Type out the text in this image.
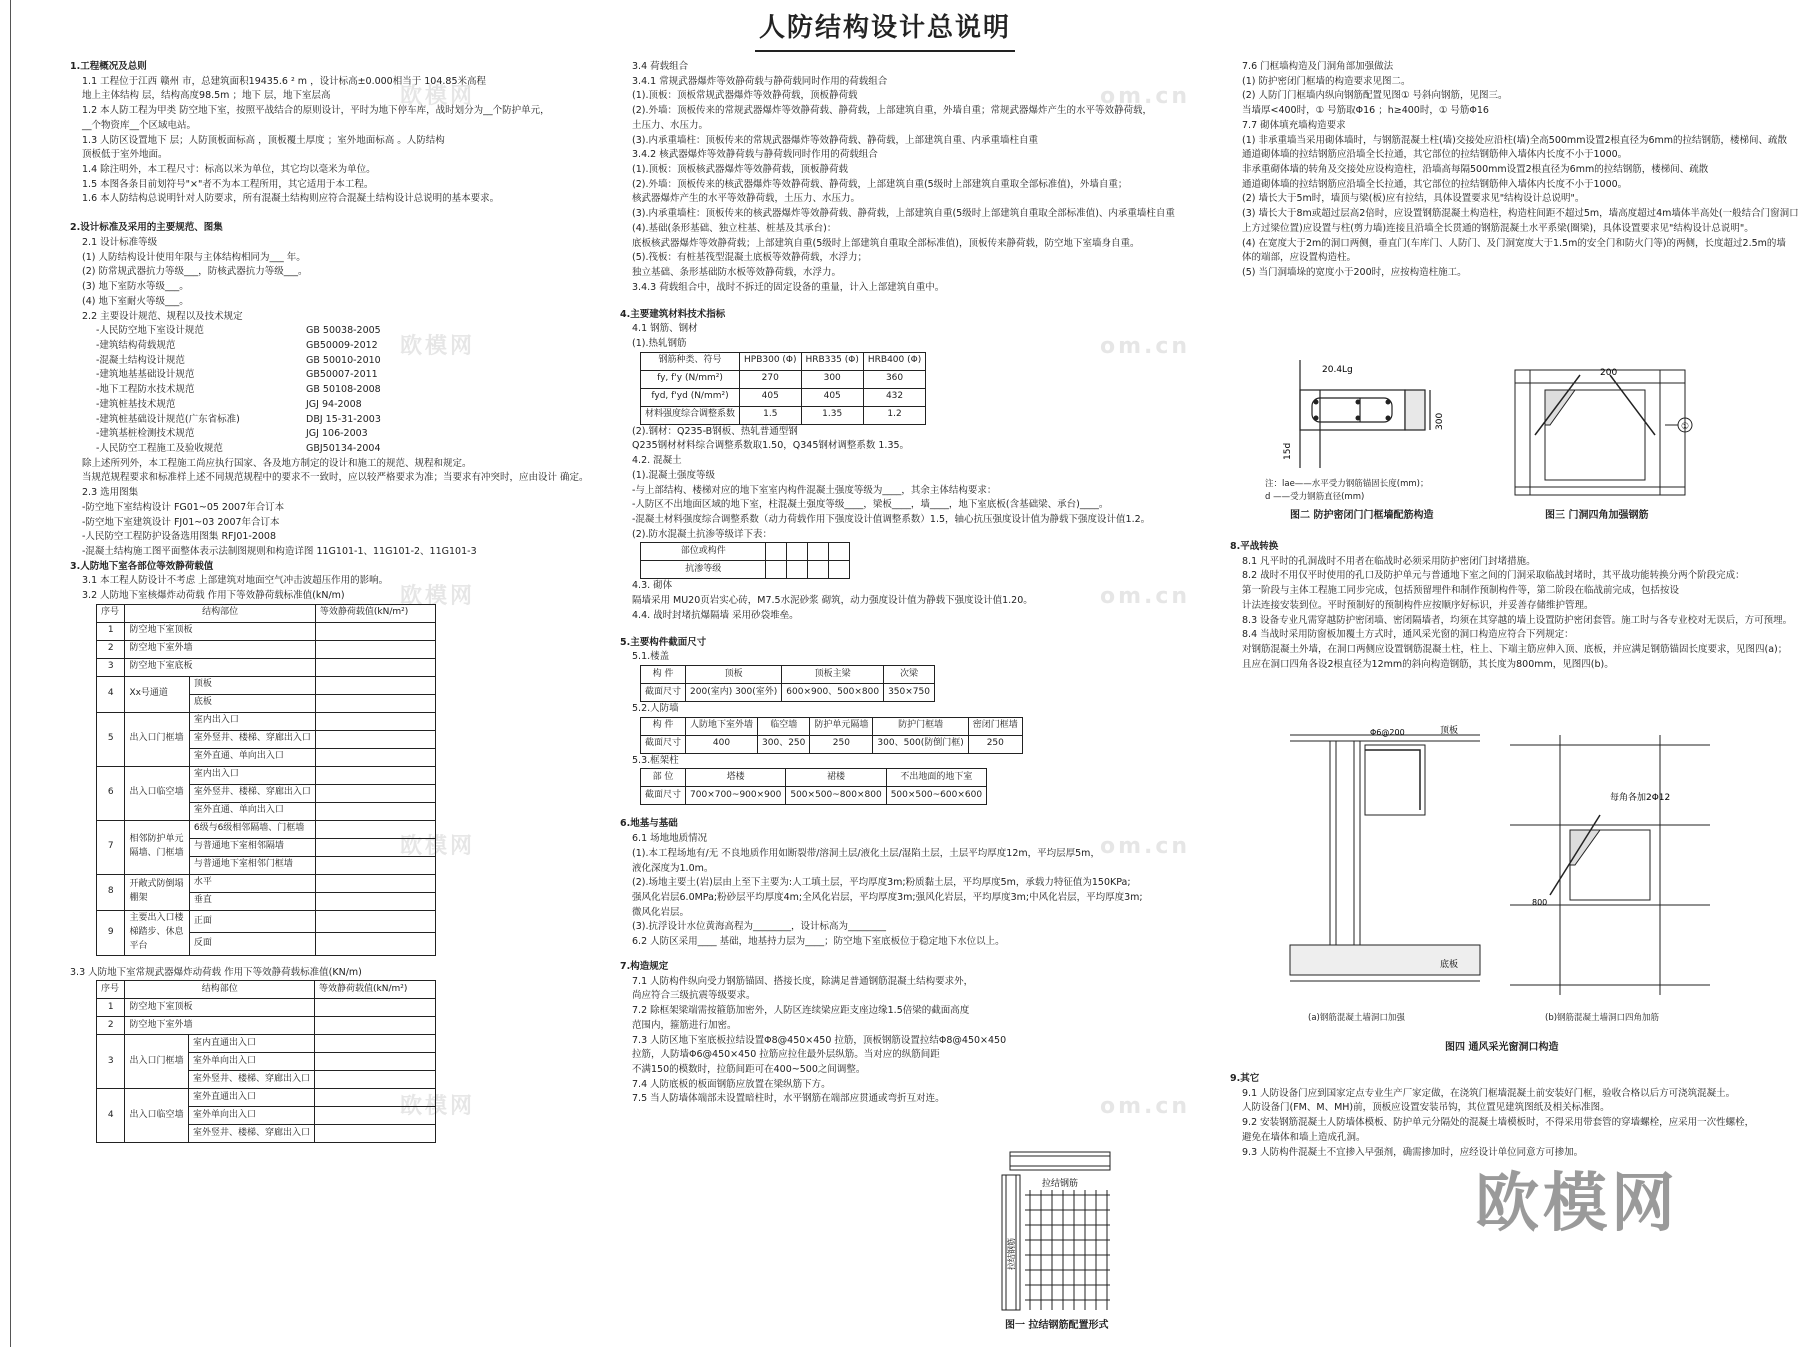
人防结构设计总说明
欧模网	om.cn
欧模网	om.cn
欧模网	om.cn
欧模网	om.cn
欧模网	om.cn

1.工程概况及总则

1.1 工程位于江西 赣州 市，总建筑面积19435.6 ² m ，设计标高±0.000相当于 104.85米高程

地上主体结构 层，结构高度98.5m ；地下 层，地下室层高

1.2 本人防工程为甲类 防空地下室，按照平战结合的原则设计，平时为地下停车库，战时划分为__个防护单元，

__个物资库__个区域电站。

1.3 人防区设置地下 层；人防顶板面标高 ，顶板覆土厚度 ；室外地面标高 。人防结构

顶板低于室外地面。

1.4 除注明外，本工程尺寸：标高以米为单位，其它均以毫米为单位。

1.5 本图各条目前划符号"×"者不为本工程所用，其它适用于本工程。

1.6 本人防结构总说明针对人防要求，所有混凝土结构则应符合混凝土结构设计总说明的基本要求。

2.设计标准及采用的主要规范、图集

2.1 设计标准等级

(1) 人防结构设计使用年限与主体结构相同为___ 年。

(2) 防常规武器抗力等级___，防核武器抗力等级___。

(3) 地下室防水等级___。

(4) 地下室耐火等级___。

2.2 主要设计规范、规程以及技术规定

-人民防空地下室设计规范	GB 50038-2005
-建筑结构荷载规范	GB50009-2012
-混凝土结构设计规范	GB 50010-2010
-建筑地基基础设计规范	GB50007-2011
-地下工程防水技术规范	GB 50108-2008
-建筑桩基技术规范	JGJ 94-2008
-建筑桩基础设计规范(广东省标准)	DBJ 15-31-2003
-建筑基桩检测技术规范	JGJ 106-2003
-人民防空工程施工及验收规范	GBJ50134-2004

除上述所列外，本工程施工尚应执行国家、各及地方制定的设计和施工的规范、规程和规定。

当规范规程要求和标准样上述不同规范规程中的要求不一致时，应以较严格要求为准；当要求有冲突时，应由设计 确定。

2.3 选用图集

-防空地下室结构设计 FG01~05 2007年合订本

-防空地下室建筑设计 FJ01~03 2007年合订本

-人民防空工程防护设备选用图集 RFJ01-2008

-混凝土结构施工图平面整体表示法制图规则和构造详图 11G101-1、11G101-2、11G101-3

3.人防地下室各部位等效静荷载值

3.1 本工程人防设计不考虑 上部建筑对地面空气冲击波超压作用的影响。

3.2 人防地下室核爆炸动荷载 作用下等效静荷载标准值(kN/m)

序号	结构部位		等效静荷载值(kN/m²)
1	防空地下室顶板		
2	防空地下室外墙		
3	防空地下室底板		
4	Xx号通道	顶板	
		底板	
5	出入口门框墙	室内出入口	
		室外竖井、楼梯、穿廊出入口	
		室外直通、单向出入口	
6	出入口临空墙	室内出入口	
		室外竖井、楼梯、穿廊出入口	
		室外直通、单向出入口	
7	相邻防护单元隔墙、门框墙	6级与6级相邻隔墙、门框墙	
		与普通地下室相邻隔墙	
		与普通地下室相邻门框墙	
8	开敞式防倒塌棚架	水平	
		垂直	
9	主要出入口楼梯踏步、休息平台	正面	
		反面	

3.3 人防地下室常规武器爆炸动荷载 作用下等效静荷载标准值(KN/m)

序号	结构部位		等效静荷载值(kN/m²)
1	防空地下室顶板		
2	防空地下室外墙		
3	出入口门框墙	室内直通出入口	
		室外单向出入口	
		室外竖井、楼梯、穿廊出入口	
4	出入口临空墙	室外直通出入口	
		室外单向出入口	
		室外竖井、楼梯、穿廊出入口	

3.4 荷载组合

3.4.1 常规武器爆炸等效静荷载与静荷载同时作用的荷载组合

(1).顶板：顶板常规武器爆炸等效静荷载，顶板静荷载

(2).外墙：顶板传来的常规武器爆炸等效静荷载、静荷载，上部建筑自重，外墙自重；常规武器爆炸产生的水平等效静荷载，

土压力、水压力。

(3).内承重墙柱：顶板传来的常规武器爆炸等效静荷载、静荷载，上部建筑自重、内承重墙柱自重

3.4.2 核武器爆炸等效静荷载与静荷载同时作用的荷载组合

(1).顶板：顶板核武器爆炸等效静荷载，顶板静荷载

(2).外墙：顶板传来的核武器爆炸等效静荷载、静荷载，上部建筑自重(5级时上部建筑自重取全部标准值)，外墙自重；

核武器爆炸产生的水平等效静荷载，土压力、水压力。

(3).内承重墙柱：顶板传来的核武器爆炸等效静荷载、静荷载，上部建筑自重(5级时上部建筑自重取全部标准值)、内承重墙柱自重

(4).基础(条形基础、独立柱基、桩基及其承台)：

底板核武器爆炸等效静荷载；上部建筑自重(5级时上部建筑自重取全部标准值)，顶板传来静荷载，防空地下室墙身自重。

(5).筏板：有桩基筏型混凝土底板等效静荷载，水浮力；

独立基础、条形基础防水板等效静荷载，水浮力。

3.4.3 荷载组合中，战时不拆迁的固定设备的重量，计入上部建筑自重中。

4.主要建筑材料技术指标

4.1 钢筋、钢材

(1).热轧钢筋

钢筋种类、符号	HPB300 (Φ)	HRB335 (Φ)	HRB400 (Φ)
fy, f'y (N/mm²)	270	300	360
fyd, f'yd (N/mm²)	405	405	432
材料强度综合调整系数	1.5	1.35	1.2

(2).钢材：Q235-B钢板、热轧普通型钢

Q235钢材材料综合调整系数取1.50，Q345钢材调整系数 1.35。

4.2. 混凝土

(1).混凝土强度等级

-与上部结构、楼梯对应的地下室室内构件混凝土强度等级为____，其余主体结构要求：

-人防区不出地面区域的地下室，柱混凝土强度等级____，梁板____，墙____，地下室底板(含基础梁、承台)____。

-混凝土材料强度综合调整系数（动力荷载作用下强度设计值调整系数）1.5，轴心抗压强度设计值为静载下强度设计值1.2。

(2).防水混凝土抗渗等级详下表：

部位或构件				
抗渗等级				

4.3. 砌体

隔墙采用 MU20页岩实心砖，M7.5水泥砂浆 砌筑，动力强度设计值为静载下强度设计值1.20。

4.4. 战时封堵抗爆隔墙 采用砂袋堆垒。

5.主要构件截面尺寸

5.1.楼盖

构 件	顶板	顶板主梁	次梁
截面尺寸	200(室内) 300(室外)	600×900、500×800	350×750

5.2.人防墙

构 件	人防地下室外墙	临空墙	防护单元隔墙	防护门框墙	密闭门框墙
截面尺寸	400	300、250	250	300、500(防倒门框)	250

5.3.框架柱

部 位	塔楼	裙楼	不出地面的地下室
截面尺寸	700×700~900×900	500×500~800×800	500×500~600×600

6.地基与基础

6.1 场地地质情况

(1).本工程场地有/无 不良地质作用如断裂带/溶洞土层/液化土层/湿陷土层，土层平均厚度12m，平均层厚5m，

液化深度为1.0m。

(2).场地主要土(岩)层由上至下主要为:人工填土层，平均厚度3m;粉质黏土层，平均厚度5m，承载力特征值为150KPa;

强风化岩层6.0MPa;粉砂层平均厚度4m;全风化岩层，平均厚度3m;强风化岩层，平均厚度3m;中风化岩层，平均厚度3m;

微风化岩层。

(3).抗浮设计水位黄海高程为________，设计标高为________

6.2 人防区采用____ 基础，地基持力层为____；防空地下室底板位于稳定地下水位以上。

7.构造规定

7.1 人防构件纵向受力钢筋锚固、搭接长度，除满足普通钢筋混凝土结构要求外，

尚应符合三级抗震等级要求。

7.2 除框架梁端需按箍筋加密外，人防区连续梁应距支座边缘1.5倍梁的截面高度

范围内，箍筋进行加密。

7.3 人防区地下室底板拉结设置Φ8@450×450 拉筋，顶板钢筋设置拉结Φ8@450×450

拉筋，人防墙Φ6@450×450 拉筋应拉住最外层纵筋。当对应的纵筋间距

不满150的模数时，拉筋间距可在400~500之间调整。

7.4 人防底板的板面钢筋应放置在梁纵筋下方。

7.5 当人防墙体端部未设置暗柱时，水平钢筋在端部应贯通或弯折互对连。

拉结钢筋
拉结钢筋
图一 拉结钢筋配置形式

7.6 门框墙构造及门洞角部加强做法

(1) 防护密闭门框墙的构造要求见图二。

(2) 人防门门框墙内纵向钢筋配置见图① 号斜向钢筋，见图三。

当墙厚<400时，① 号筋取Φ16 ；h≥400时，① 号筋Φ16

7.7 砌体填充墙构造要求

(1) 非承重墙当采用砌体墙时，与钢筋混凝土柱(墙)交接处应沿柱(墙)全高500mm设置2根直径为6mm的拉结钢筋，楼梯间、疏散

通道砌体墙的拉结钢筋应沿墙全长拉通，其它部位的拉结钢筋伸入墙体内长度不小于1000。

非承重砌体墙的转角及交接处应设构造柱，沿墙高每隔500mm设置2根直径为6mm的拉结钢筋，楼梯间、疏散

通道砌体墙的拉结钢筋应沿墙全长拉通，其它部位的拉结钢筋伸入墙体内长度不小于1000。

(2) 墙长大于5m时，墙顶与梁(板)应有拉结，具体设置要求见"结构设计总说明"。

(3) 墙长大于8m或超过层高2倍时，应设置钢筋混凝土构造柱，构造柱间距不超过5m，墙高度超过4m墙体半高处(一般结合门窗洞口

上方过梁位置)应设置与柱(剪力墙)连接且沿墙全长贯通的钢筋混凝土水平系梁(圈梁)，具体设置要求见"结构设计总说明"。

(4) 在宽度大于2m的洞口两侧，垂直门(车库门、人防门、及门洞宽度大于1.5m的安全门和防火门等)的两侧，长度超过2.5m的墙

体的端部，应设置构造柱。

(5) 当门洞墙垛的宽度小于200时，应按构造柱施工。

20.4Lg
15d
300
注：lae——水平受力钢筋锚固长度(mm)；
d ——受力钢筋直径(mm)
图二 防护密闭门门框墙配筋构造
200
①
图三 门洞四角加强钢筋

8.平战转换

8.1 凡平时的孔洞战时不用者在临战时必须采用防护密闭门封堵措施。

8.2 战时不用仅平时使用的孔口及防护单元与普通地下室之间的门洞采取临战封堵时，其平战功能转换分两个阶段完成：

第一阶段与主体工程施工同步完成，包括预留埋件和制作预制构件等，第二阶段在临战前完成，包括按设

计法连接安装到位。平时预制好的预制构件应按顺序好标识，并妥善存储维护管理。

8.3 设备专业凡需穿越防护密闭墙、密闭隔墙者，均须在其穿越的墙上设置防护密闭套管。施工时与各专业校对无误后，方可预埋。

8.4 当战时采用防窗板加覆土方式时，通风采光窗的洞口构造应符合下列规定：

对钢筋混凝土外墙，在洞口两侧应设置钢筋混凝土柱，柱上、下端主筋应伸入顶、底板，并应满足钢筋锚固长度要求，见图四(a)；

且应在洞口四角各设2根直径为12mm的斜向构造钢筋，其长度为800mm，见图四(b)。

顶板
Φ6@200
底板
每角各加2Φ12
800
(a)钢筋混凝土墙洞口加强	(b)钢筋混凝土墙洞口四角加筋
图四 通风采光窗洞口构造

9.其它

9.1 人防设备门应到国家定点专业生产厂家定做，在浇筑门框墙混凝土前安装好门框，验收合格以后方可浇筑混凝土。

人防设备门(FM、M、MH)前，顶板应设置安装吊钩，其位置见建筑图纸及相关标准图。

9.2 安装钢筋混凝土人防墙体模板、防护单元分隔处的混凝土墙模板时，不得采用带套管的穿墙螺栓，应采用一次性螺栓，

避免在墙体和墙上造成孔洞。

9.3 人防构件混凝土不宜掺入早强剂，确需掺加时，应经设计单位同意方可掺加。

欧模网
